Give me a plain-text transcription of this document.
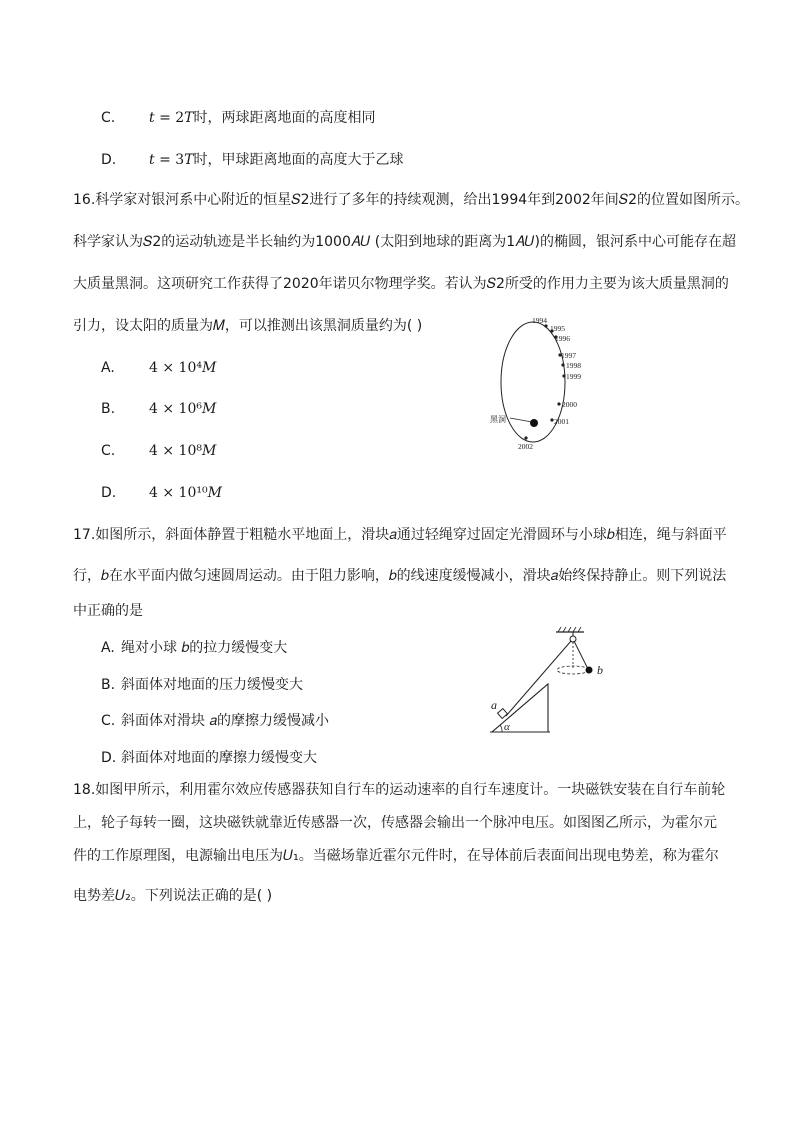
C. 𝑡 = 2𝑇时，两球距离地面的高度相同
D. 𝑡 = 3𝑇时，甲球距离地面的高度大于乙球
16.科学家对银河系中心附近的恒星𝑆2进行了多年的持续观测，给出1994年到2002年间𝑆2的位置如图所示。
科学家认为𝑆2的运动轨迹是半长轴约为1000𝐴𝑈 (太阳到地球的距离为1𝐴𝑈)的椭圆，银河系中心可能存在超
大质量黑洞。这项研究工作获得了2020年诺贝尔物理学奖。若认为𝑆2所受的作用力主要为该大质量黑洞的
引力，设太阳的质量为𝑀，可以推测出该黑洞质量约为( )
A. 4 × 10⁴𝑀
B. 4 × 10⁶𝑀
C. 4 × 10⁸𝑀
D. 4 × 10¹⁰𝑀
1994
1995
1996
1997
1998
1999
2000
2001
2002
黑洞
17.如图所示，斜面体静置于粗糙水平地面上，滑块𝑎通过轻绳穿过固定光滑圆环与小球𝑏相连，绳与斜面平
行，𝑏在水平面内做匀速圆周运动。由于阻力影响，𝑏的线速度缓慢减小，滑块𝑎始终保持静止。则下列说法
中正确的是
A. 绳对小球 𝑏的拉力缓慢变大
B. 斜面体对地面的压力缓慢变大
C. 斜面体对滑块 𝑎的摩擦力缓慢减小
D. 斜面体对地面的摩擦力缓慢变大
b
a
α
18.如图甲所示，利用霍尔效应传感器获知自行车的运动速率的自行车速度计。一块磁铁安装在自行车前轮
上，轮子每转一圈，这块磁铁就靠近传感器一次，传感器会输出一个脉冲电压。如图图乙所示，为霍尔元
件的工作原理图，电源输出电压为𝑈₁。当磁场靠近霍尔元件时，在导体前后表面间出现电势差，称为霍尔
电势差𝑈₂。下列说法正确的是( )
